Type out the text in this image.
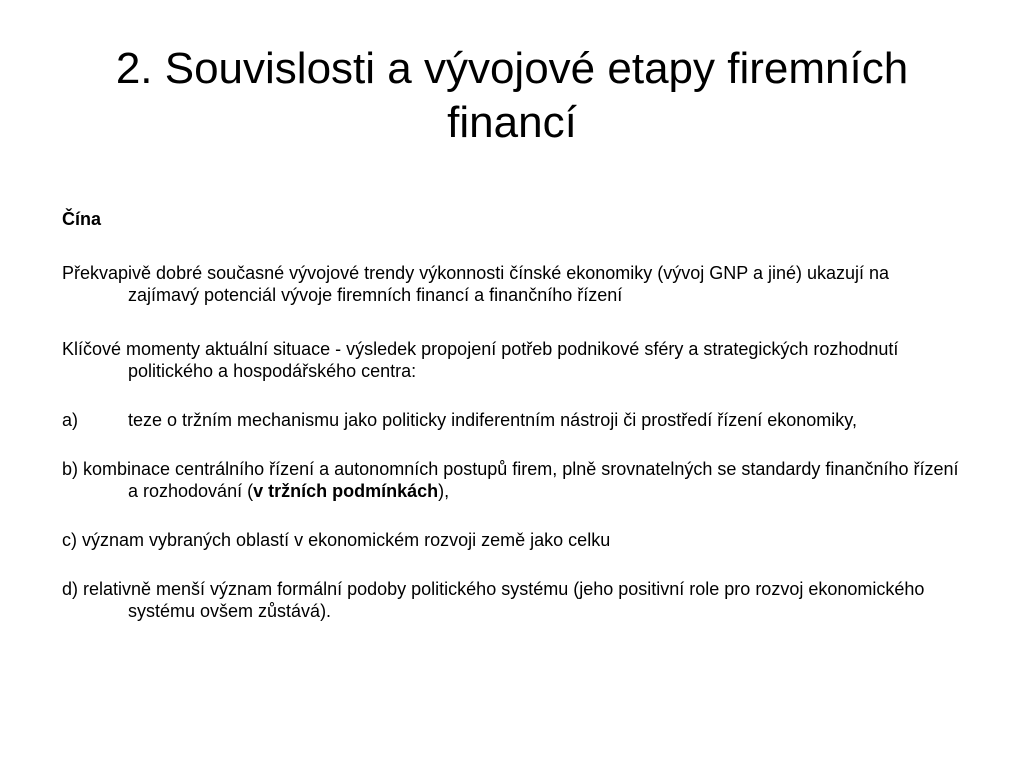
2. Souvislosti a vývojové etapy firemních financí

Čína

Překvapivě dobré současné vývojové trendy výkonnosti čínské ekonomiky (vývoj GNP a jiné) ukazují na zajímavý potenciál vývoje firemních financí a finančního řízení

Klíčové momenty aktuální situace - výsledek propojení potřeb podnikové sféry a strategických rozhodnutí politického a hospodářského centra:

a)	teze o tržním mechanismu jako politicky indiferentním nástroji či prostředí řízení ekonomiky,

b) kombinace centrálního řízení a autonomních postupů firem, plně srovnatelných se standardy finančního řízení a rozhodování (v tržních podmínkách),

c) význam vybraných oblastí v ekonomickém rozvoji země jako celku

d) relativně menší význam formální podoby politického systému (jeho positivní role pro rozvoj ekonomického systému ovšem zůstává).
